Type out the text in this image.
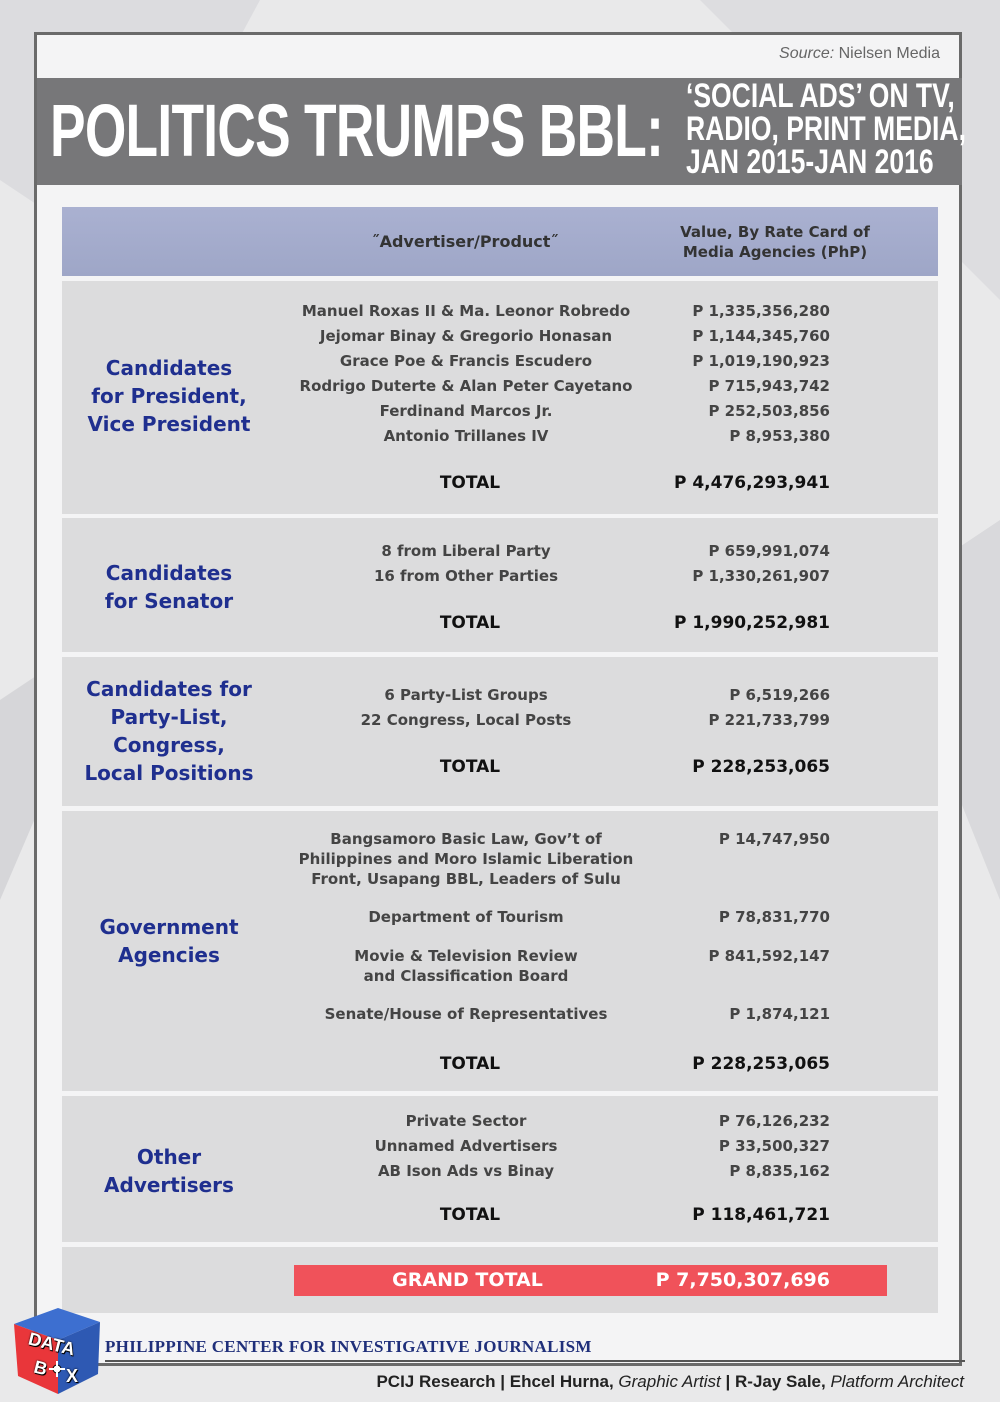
Source: Nielsen Media
POLITICS TRUMPS BBL: ‘SOCIAL ADS’ ON TV,
RADIO, PRINT MEDIA,
JAN 2015-JAN 2016
˝Advertiser/Product˝	Value, By Rate Card of
Media Agencies (PhP)
Candidates
for President,
Vice President
Manuel Roxas II & Ma. Leonor Robredo	P 1,335,356,280
Jejomar Binay & Gregorio Honasan	P 1,144,345,760
Grace Poe & Francis Escudero	P 1,019,190,923
Rodrigo Duterte & Alan Peter Cayetano	P 715,943,742
Ferdinand Marcos Jr.	P 252,503,856
Antonio Trillanes IV	P 8,953,380
TOTAL	P 4,476,293,941
Candidates
for Senator
8 from Liberal Party	P 659,991,074
16 from Other Parties	P 1,330,261,907
TOTAL	P 1,990,252,981
Candidates for
Party-List,
Congress,
Local Positions
6 Party-List Groups	P 6,519,266
22 Congress, Local Posts	P 221,733,799
TOTAL	P 228,253,065
Government
Agencies
Bangsamoro Basic Law, Gov’t of
Philippines and Moro Islamic Liberation
Front, Usapang BBL, Leaders of Sulu
P 14,747,950
Department of Tourism	P 78,831,770
Movie & Television Review
and Classification Board
P 841,592,147
Senate/House of Representatives	P 1,874,121
TOTAL	P 228,253,065
Other
Advertisers
Private Sector	P 76,126,232
Unnamed Advertisers	P 33,500,327
AB Ison Ads vs Binay	P 8,835,162
TOTAL	P 118,461,721
GRAND TOTAL	P 7,750,307,696
DATA
B X
PHILIPPINE CENTER FOR INVESTIGATIVE JOURNALISM
PCIJ Research | Ehcel Hurna, Graphic Artist | R-Jay Sale, Platform Architect
